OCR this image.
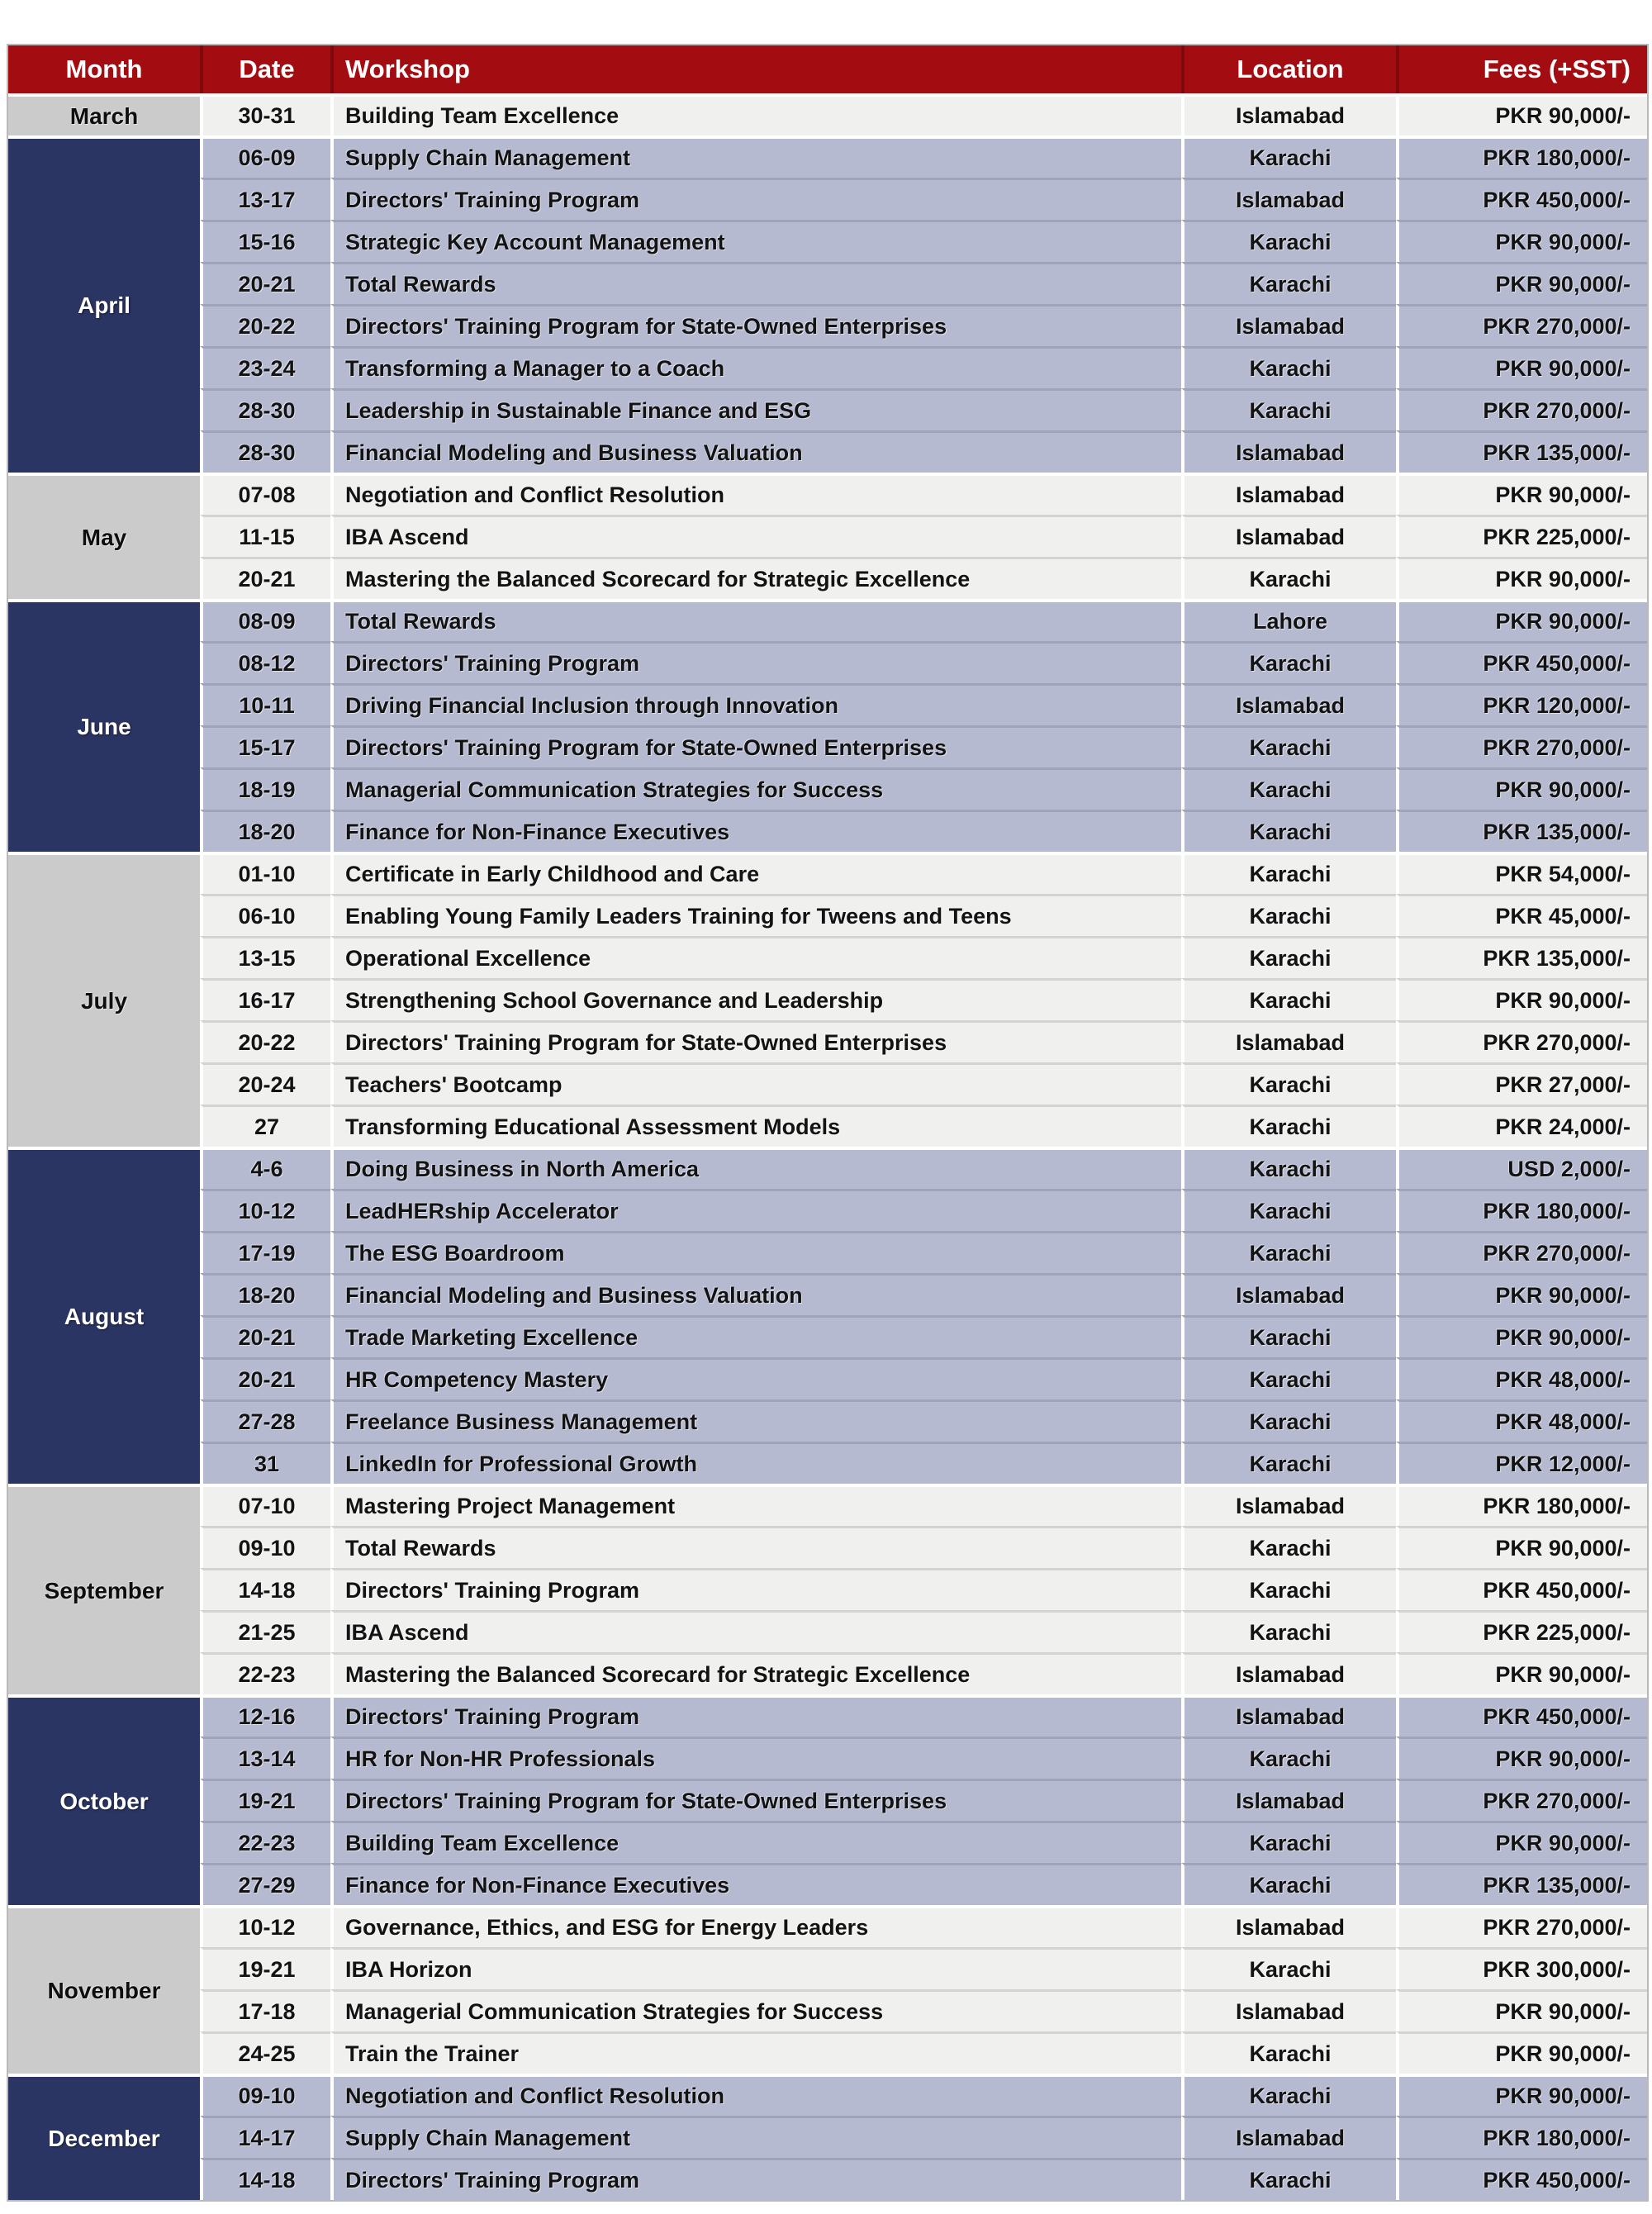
Month	Date	Workshop	Location	Fees (+SST)
March	30-31	Building Team Excellence	Islamabad	PKR 90,000/-
April	06-09	Supply Chain Management	Karachi	PKR 180,000/-
	13-17	Directors' Training Program	Islamabad	PKR 450,000/-
	15-16	Strategic Key Account Management	Karachi	PKR 90,000/-
	20-21	Total Rewards	Karachi	PKR 90,000/-
	20-22	Directors' Training Program for State-Owned Enterprises	Islamabad	PKR 270,000/-
	23-24	Transforming a Manager to a Coach	Karachi	PKR 90,000/-
	28-30	Leadership in Sustainable Finance and ESG	Karachi	PKR 270,000/-
	28-30	Financial Modeling and Business Valuation	Islamabad	PKR 135,000/-
May	07-08	Negotiation and Conflict Resolution	Islamabad	PKR 90,000/-
	11-15	IBA Ascend	Islamabad	PKR 225,000/-
	20-21	Mastering the Balanced Scorecard for Strategic Excellence	Karachi	PKR 90,000/-
June	08-09	Total Rewards	Lahore	PKR 90,000/-
	08-12	Directors' Training Program	Karachi	PKR 450,000/-
	10-11	Driving Financial Inclusion through Innovation	Islamabad	PKR 120,000/-
	15-17	Directors' Training Program for State-Owned Enterprises	Karachi	PKR 270,000/-
	18-19	Managerial Communication Strategies for Success	Karachi	PKR 90,000/-
	18-20	Finance for Non-Finance Executives	Karachi	PKR 135,000/-
July	01-10	Certificate in Early Childhood and Care	Karachi	PKR 54,000/-
	06-10	Enabling Young Family Leaders Training for Tweens and Teens	Karachi	PKR 45,000/-
	13-15	Operational Excellence	Karachi	PKR 135,000/-
	16-17	Strengthening School Governance and Leadership	Karachi	PKR 90,000/-
	20-22	Directors' Training Program for State-Owned Enterprises	Islamabad	PKR 270,000/-
	20-24	Teachers' Bootcamp	Karachi	PKR 27,000/-
	27	Transforming Educational Assessment Models	Karachi	PKR 24,000/-
August	4-6	Doing Business in North America	Karachi	USD 2,000/-
	10-12	LeadHERship Accelerator	Karachi	PKR 180,000/-
	17-19	The ESG Boardroom	Karachi	PKR 270,000/-
	18-20	Financial Modeling and Business Valuation	Islamabad	PKR 90,000/-
	20-21	Trade Marketing Excellence	Karachi	PKR 90,000/-
	20-21	HR Competency Mastery	Karachi	PKR 48,000/-
	27-28	Freelance Business Management	Karachi	PKR 48,000/-
	31	LinkedIn for Professional Growth	Karachi	PKR 12,000/-
September	07-10	Mastering Project Management	Islamabad	PKR 180,000/-
	09-10	Total Rewards	Karachi	PKR 90,000/-
	14-18	Directors' Training Program	Karachi	PKR 450,000/-
	21-25	IBA Ascend	Karachi	PKR 225,000/-
	22-23	Mastering the Balanced Scorecard for Strategic Excellence	Islamabad	PKR 90,000/-
October	12-16	Directors' Training Program	Islamabad	PKR 450,000/-
	13-14	HR for Non-HR Professionals	Karachi	PKR 90,000/-
	19-21	Directors' Training Program for State-Owned Enterprises	Islamabad	PKR 270,000/-
	22-23	Building Team Excellence	Karachi	PKR 90,000/-
	27-29	Finance for Non-Finance Executives	Karachi	PKR 135,000/-
November	10-12	Governance, Ethics, and ESG for Energy Leaders	Islamabad	PKR 270,000/-
	19-21	IBA Horizon	Karachi	PKR 300,000/-
	17-18	Managerial Communication Strategies for Success	Islamabad	PKR 90,000/-
	24-25	Train the Trainer	Karachi	PKR 90,000/-
December	09-10	Negotiation and Conflict Resolution	Karachi	PKR 90,000/-
	14-17	Supply Chain Management	Islamabad	PKR 180,000/-
	14-18	Directors' Training Program	Karachi	PKR 450,000/-
